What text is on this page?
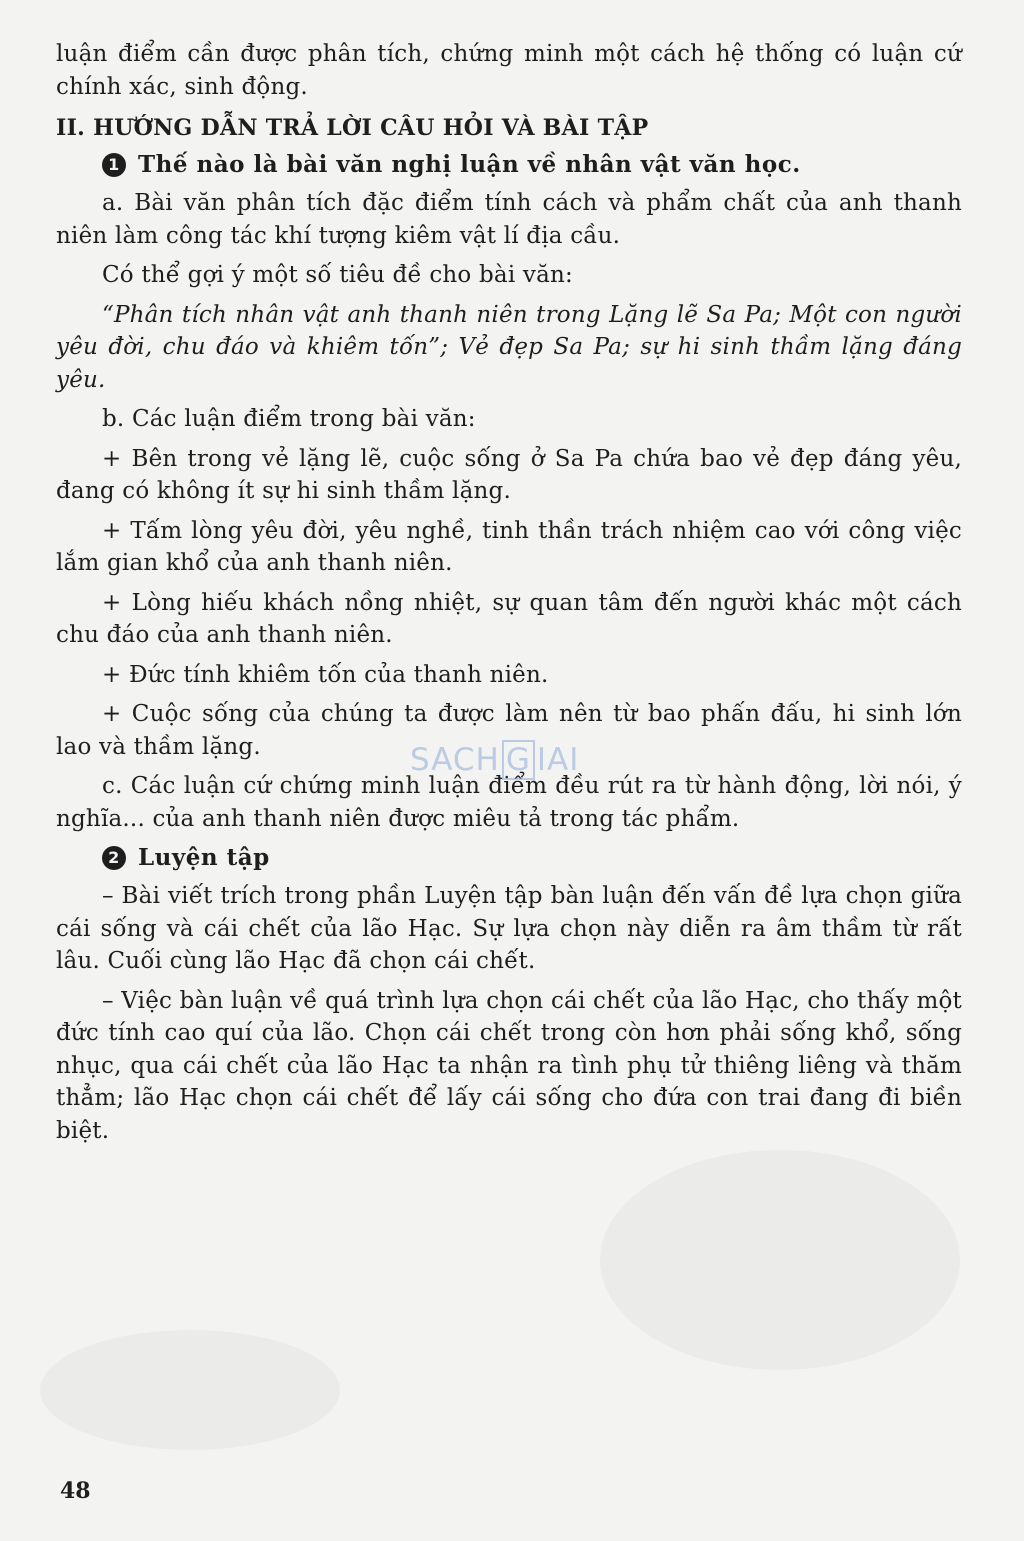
luận điểm cần được phân tích, chứng minh một cách hệ thống có luận cứ chính xác, sinh động.

II. HƯỚNG DẪN TRẢ LỜI CÂU HỎI VÀ BÀI TẬP
1 Thế nào là bài văn nghị luận về nhân vật văn học.

a. Bài văn phân tích đặc điểm tính cách và phẩm chất của anh thanh niên làm công tác khí tượng kiêm vật lí địa cầu.

Có thể gợi ý một số tiêu đề cho bài văn:

“Phân tích nhân vật anh thanh niên trong Lặng lẽ Sa Pa; Một con người yêu đời, chu đáo và khiêm tốn”; Vẻ đẹp Sa Pa; sự hi sinh thầm lặng đáng yêu.

b. Các luận điểm trong bài văn:

+ Bên trong vẻ lặng lẽ, cuộc sống ở Sa Pa chứa bao vẻ đẹp đáng yêu, đang có không ít sự hi sinh thầm lặng.

+ Tấm lòng yêu đời, yêu nghề, tinh thần trách nhiệm cao với công việc lắm gian khổ của anh thanh niên.

+ Lòng hiếu khách nồng nhiệt, sự quan tâm đến người khác một cách chu đáo của anh thanh niên.

+ Đức tính khiêm tốn của thanh niên.

+ Cuộc sống của chúng ta được làm nên từ bao phấn đấu, hi sinh lớn lao và thầm lặng.

c. Các luận cứ chứng minh luận điểm đều rút ra từ hành động, lời nói, ý nghĩa... của anh thanh niên được miêu tả trong tác phẩm.

2 Luyện tập

– Bài viết trích trong phần Luyện tập bàn luận đến vấn đề lựa chọn giữa cái sống và cái chết của lão Hạc. Sự lựa chọn này diễn ra âm thầm từ rất lâu. Cuối cùng lão Hạc đã chọn cái chết.

– Việc bàn luận về quá trình lựa chọn cái chết của lão Hạc, cho thấy một đức tính cao quí của lão. Chọn cái chết trong còn hơn phải sống khổ, sống nhục, qua cái chết của lão Hạc ta nhận ra tình phụ tử thiêng liêng và thăm thẳm; lão Hạc chọn cái chết để lấy cái sống cho đứa con trai đang đi biền biệt.

SACH G IAI
48
